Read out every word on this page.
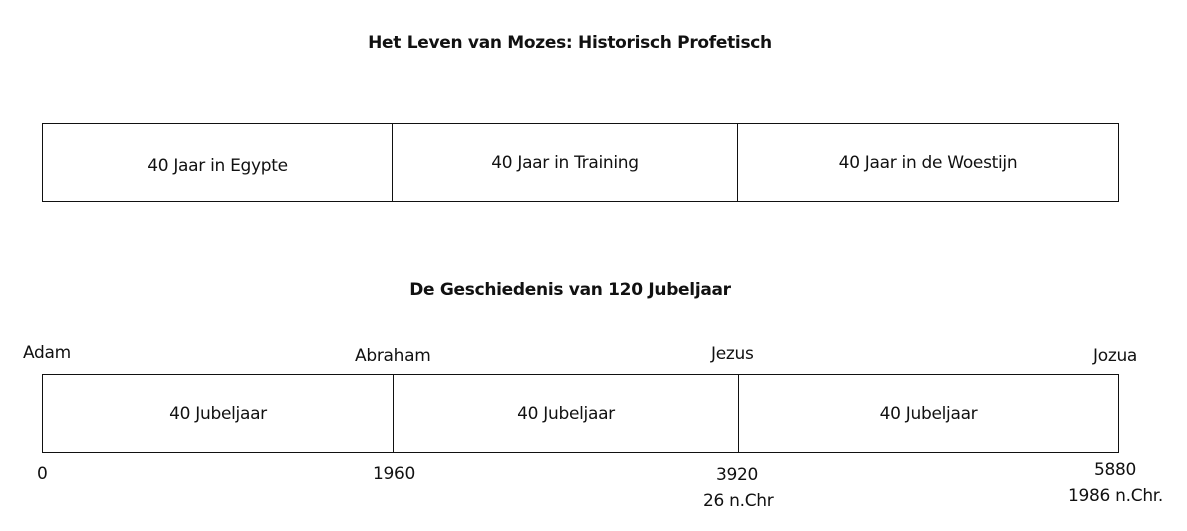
Het Leven van Mozes: Historisch Profetisch
40 Jaar in Egypte	40 Jaar in Training	40 Jaar in de Woestijn
De Geschiedenis van 120 Jubeljaar
Adam	Abraham	Jezus	Jozua
40 Jubeljaar	40 Jubeljaar	40 Jubeljaar
0	1960	3920
26 n.Chr
5880
1986 n.Chr.
